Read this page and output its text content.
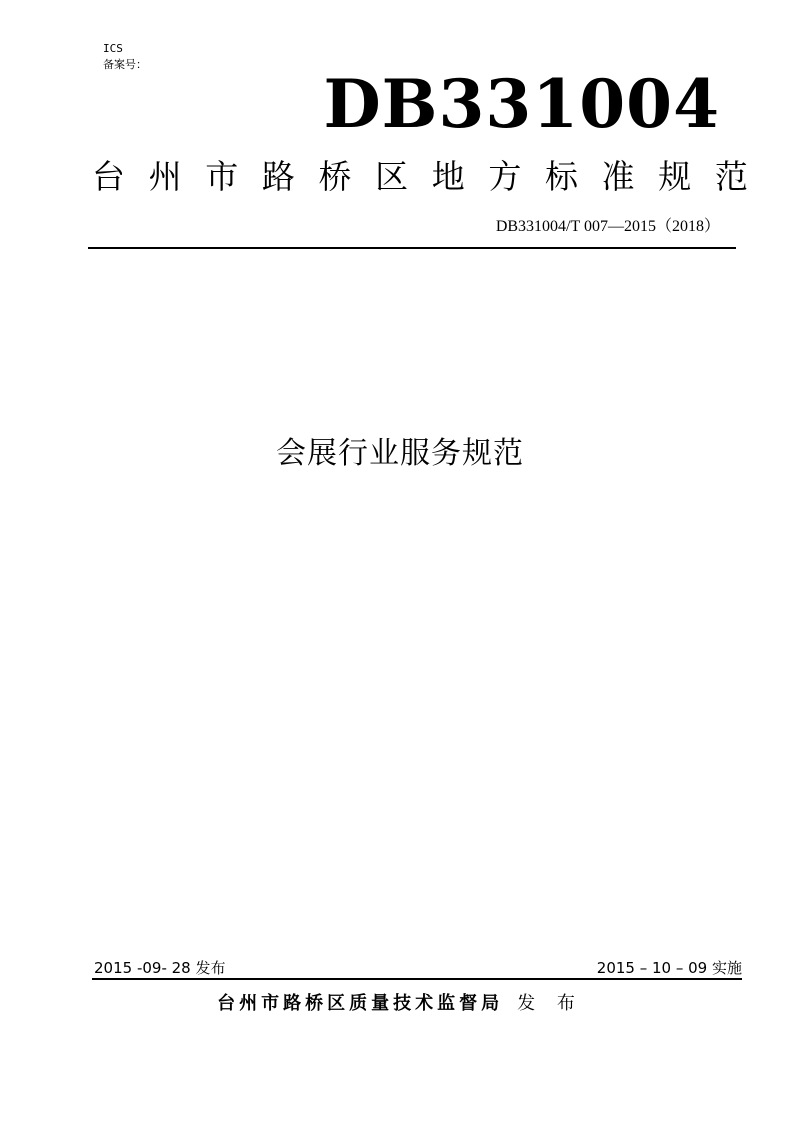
ICS
备案号：
DB331004
台 州 市 路 桥 区 地 方 标 准 规 范
DB331004/T 007—2015（2018）
会展行业服务规范
2015 -09- 28 发布	2015 – 10 – 09 实施
台州市路桥区质量技术监督局 发 布
